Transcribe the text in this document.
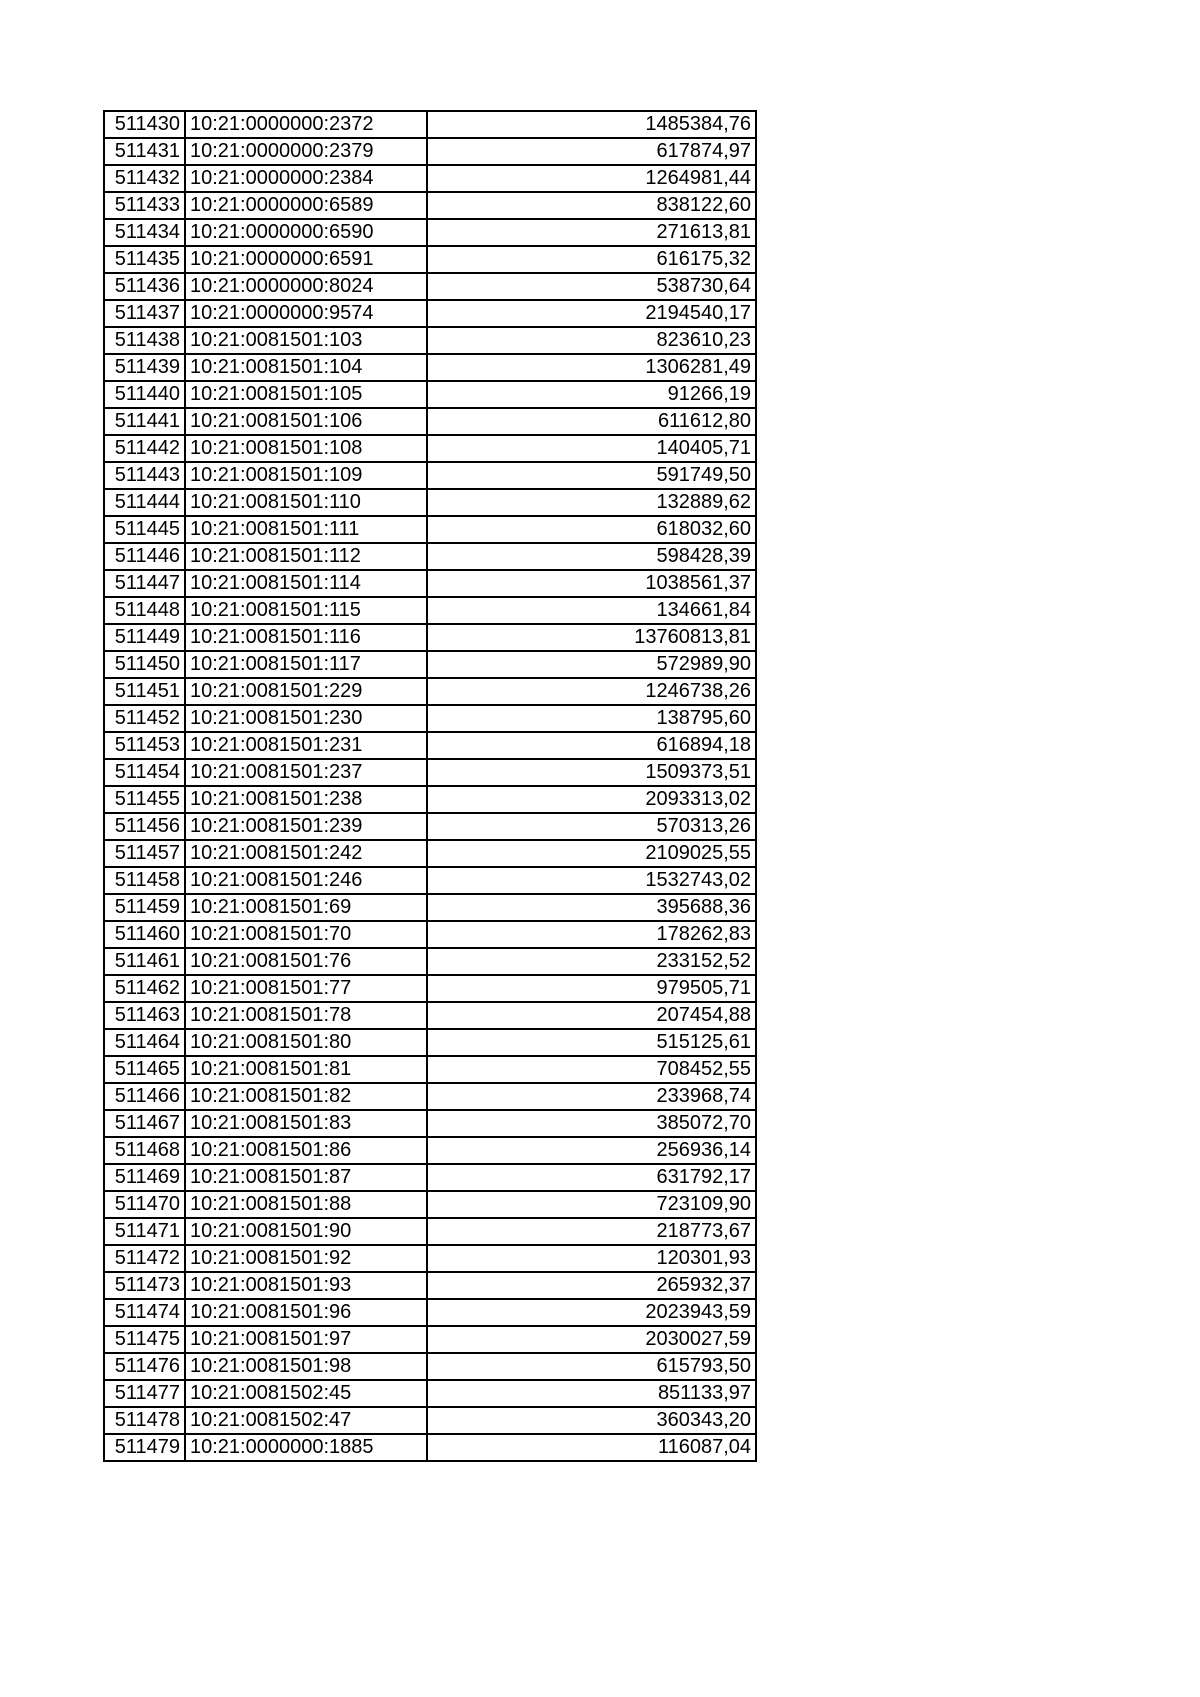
511430	10:21:0000000:2372	1485384,76
511431	10:21:0000000:2379	617874,97
511432	10:21:0000000:2384	1264981,44
511433	10:21:0000000:6589	838122,60
511434	10:21:0000000:6590	271613,81
511435	10:21:0000000:6591	616175,32
511436	10:21:0000000:8024	538730,64
511437	10:21:0000000:9574	2194540,17
511438	10:21:0081501:103	823610,23
511439	10:21:0081501:104	1306281,49
511440	10:21:0081501:105	91266,19
511441	10:21:0081501:106	611612,80
511442	10:21:0081501:108	140405,71
511443	10:21:0081501:109	591749,50
511444	10:21:0081501:110	132889,62
511445	10:21:0081501:111	618032,60
511446	10:21:0081501:112	598428,39
511447	10:21:0081501:114	1038561,37
511448	10:21:0081501:115	134661,84
511449	10:21:0081501:116	13760813,81
511450	10:21:0081501:117	572989,90
511451	10:21:0081501:229	1246738,26
511452	10:21:0081501:230	138795,60
511453	10:21:0081501:231	616894,18
511454	10:21:0081501:237	1509373,51
511455	10:21:0081501:238	2093313,02
511456	10:21:0081501:239	570313,26
511457	10:21:0081501:242	2109025,55
511458	10:21:0081501:246	1532743,02
511459	10:21:0081501:69	395688,36
511460	10:21:0081501:70	178262,83
511461	10:21:0081501:76	233152,52
511462	10:21:0081501:77	979505,71
511463	10:21:0081501:78	207454,88
511464	10:21:0081501:80	515125,61
511465	10:21:0081501:81	708452,55
511466	10:21:0081501:82	233968,74
511467	10:21:0081501:83	385072,70
511468	10:21:0081501:86	256936,14
511469	10:21:0081501:87	631792,17
511470	10:21:0081501:88	723109,90
511471	10:21:0081501:90	218773,67
511472	10:21:0081501:92	120301,93
511473	10:21:0081501:93	265932,37
511474	10:21:0081501:96	2023943,59
511475	10:21:0081501:97	2030027,59
511476	10:21:0081501:98	615793,50
511477	10:21:0081502:45	851133,97
511478	10:21:0081502:47	360343,20
511479	10:21:0000000:1885	116087,04
